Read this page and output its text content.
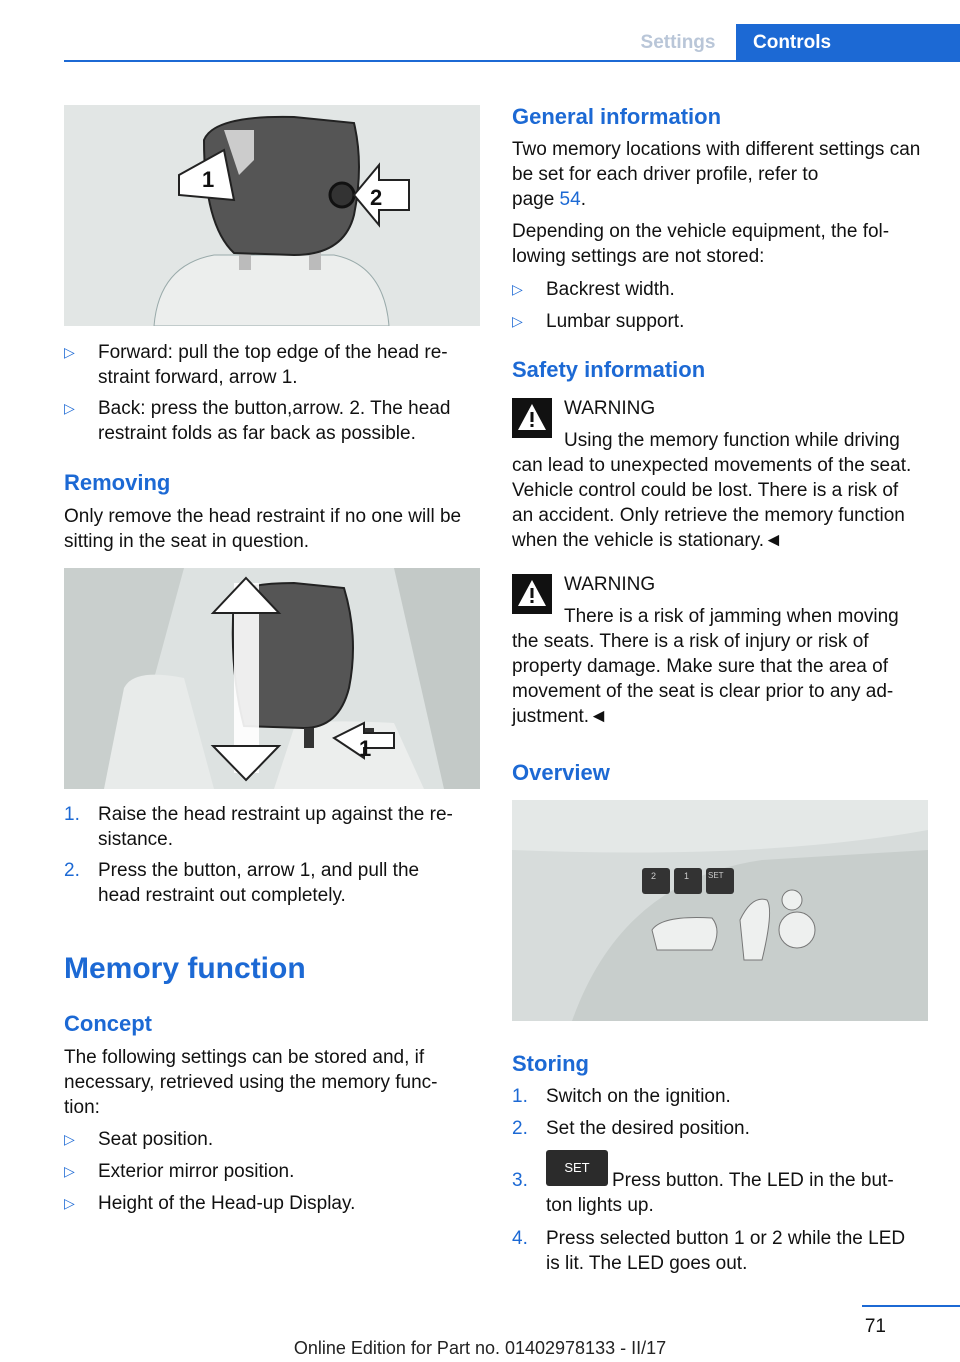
Settings	Controls
1
2
▷ Forward: pull the top edge of the head re-
straint forward, arrow 1.
▷ Back: press the button,arrow. 2. The head
restraint folds as far back as possible.
Removing
Only remove the head restraint if no one will be sitting in the seat in question.
1
1. Raise the head restraint up against the re-
sistance.
2. Press the button, arrow 1, and pull the
head restraint out completely.
Memory function
Concept
The following settings can be stored and, if necessary, retrieved using the memory func-
tion:
▷ Seat position.
▷ Exterior mirror position.
▷ Height of the Head-up Display.
General information
Two memory locations with different settings can be set for each driver profile, refer to
page 54.
Depending on the vehicle equipment, the fol-
lowing settings are not stored:
▷ Backrest width.
▷ Lumbar support.
Safety information
WARNING
Using the memory function while driving can lead to unexpected movements of the seat. Vehicle control could be lost. There is a risk of an accident. Only retrieve the memory function when the vehicle is stationary.◄
WARNING
There is a risk of jamming when moving the seats. There is a risk of injury or risk of property damage. Make sure that the area of movement of the seat is clear prior to any ad-
justment.◄
Overview
2	1 SET
Storing
1. Switch on the ignition.
2. Set the desired position.
3.
SET
Press button. The LED in the but-
ton lights up.
4. Press selected button 1 or 2 while the LED
is lit. The LED goes out.
71
Online Edition for Part no. 01402978133 - II/17
